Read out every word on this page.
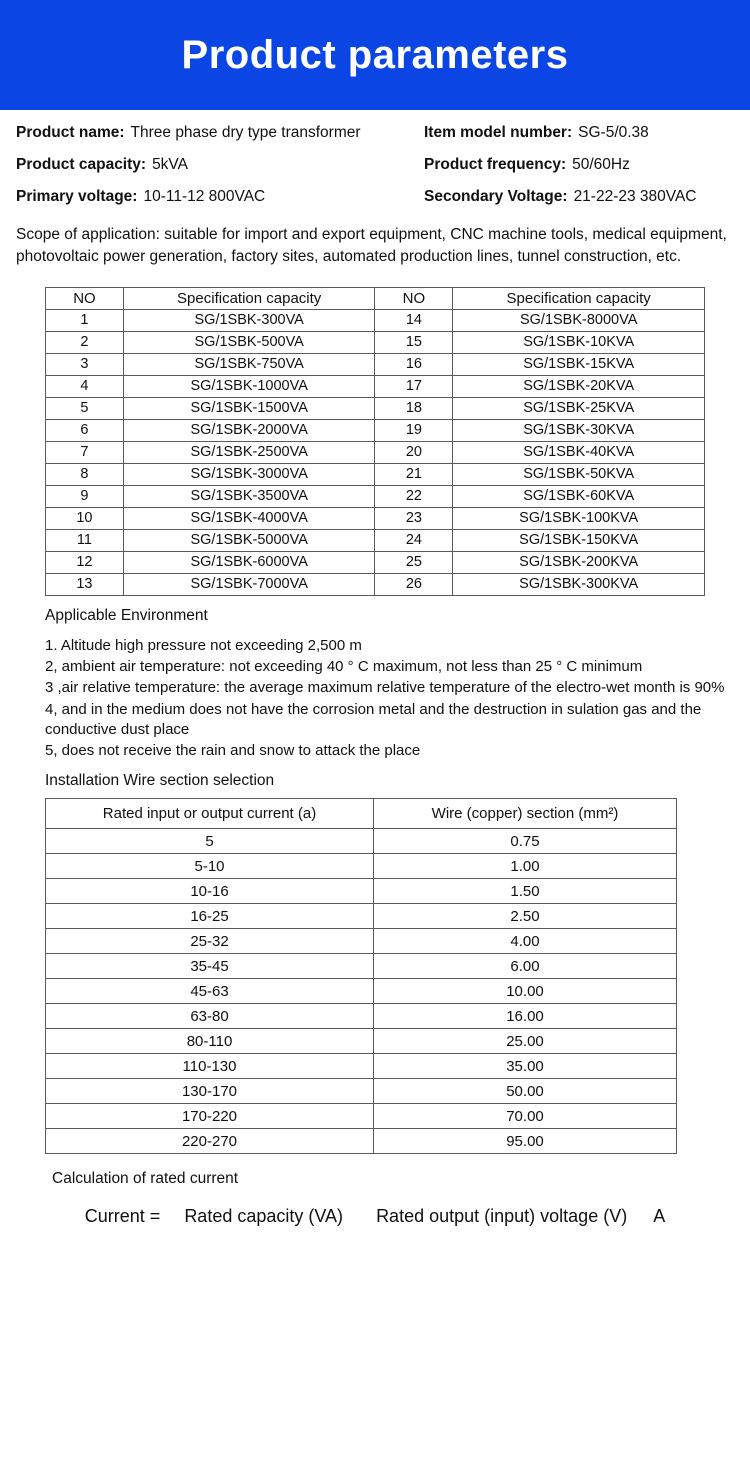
Product parameters
Product name: Three phase dry type transformer	Item model number: SG-5/0.38
Product capacity: 5kVA	Product frequency: 50/60Hz
Primary voltage: 10-11-12 800VAC	Secondary Voltage: 21-22-23 380VAC
Scope of application: suitable for import and export equipment, CNC machine tools, medical equipment, photovoltaic power generation, factory sites, automated production lines, tunnel construction, etc.
NO	Specification capacity	NO	Specification capacity
1	SG/1SBK-300VA	14	SG/1SBK-8000VA
2	SG/1SBK-500VA	15	SG/1SBK-10KVA
3	SG/1SBK-750VA	16	SG/1SBK-15KVA
4	SG/1SBK-1000VA	17	SG/1SBK-20KVA
5	SG/1SBK-1500VA	18	SG/1SBK-25KVA
6	SG/1SBK-2000VA	19	SG/1SBK-30KVA
7	SG/1SBK-2500VA	20	SG/1SBK-40KVA
8	SG/1SBK-3000VA	21	SG/1SBK-50KVA
9	SG/1SBK-3500VA	22	SG/1SBK-60KVA
10	SG/1SBK-4000VA	23	SG/1SBK-100KVA
11	SG/1SBK-5000VA	24	SG/1SBK-150KVA
12	SG/1SBK-6000VA	25	SG/1SBK-200KVA
13	SG/1SBK-7000VA	26	SG/1SBK-300KVA
Applicable Environment

1. Altitude high pressure not exceeding 2,500 m

2, ambient air temperature: not exceeding 40 ° C maximum, not less than 25 ° C minimum

3 ,air relative temperature: the average maximum relative temperature of the electro-wet month is 90%

4, and in the medium does not have the corrosion metal and the destruction in sulation gas and the conductive dust place

5, does not receive the rain and snow to attack the place

Installation Wire section selection
Rated input or output current (a)	Wire (copper) section (mm²)
5	0.75
5-10	1.00
10-16	1.50
16-25	2.50
25-32	4.00
35-45	6.00
45-63	10.00
63-80	16.00
80-110	25.00
110-130	35.00
130-170	50.00
170-220	70.00
220-270	95.00
Calculation of rated current
Current =	Rated capacity (VA) Rated output (input) voltage (V)	A
